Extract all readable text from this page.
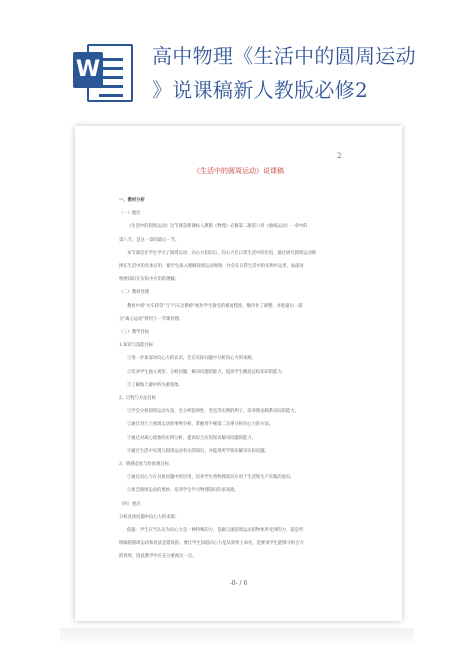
W
高中物理《生活中的圆周运动
》说课稿新人教版必修2
2
《生活中的圆周运动》说课稿
一、教材分析
（一）地位
《生活中的圆周运动》这节课是新课标人教版《物理》必修第二册第六章《曲线运动》一章中的
第八节，是这一章的最后一节。
本节课是在学生学习了圆周运动、向心力知识后，向心力在日常生活中的应用，通过研究圆周运动规
律在生活中的具体应用，使学生深入理解圆周运动规律，并会在日常生活中的实例中运用，加深对
物理知识在实际中应用的理解。
（二）教材处理
教材中将"火车转弯"与"汽车过拱桥"视作学生接受的难易程度，顺序作了调整，并把最后一部
分"离心运动"我用下一节课处理。
（三）教学目标
1.知识与技能目标
①进一步加深对向心力的认识，会在实际问题中分析向心力的来源。
②培养学生独立观察、分析问题、解决问题的能力，提高学生概括总结知识的能力。
③了解航天器中的失重现象。
2、过程与方法目标
①学会分析圆周运动方法，会分析临界性，竖直等实例的例子，培养理论联系实际的能力。
②通过对几个圆周运动的事例分析，掌握用牛顿第二定律分析向心力的方法。
③通过对离心现象的实例分析，提高综合应用知识解决问题的能力。
④通过生活中实现与圆周运动有关的知识，并能用所学知识解决实际问题。
3、情感态度与价值观目标
①通过向心力在具体问题中的应用，培养学生将物理知识应用于生活和生产实践的意识。
②体会圆周运动的奥妙，培养学生学习物理知识的求知欲。
（四）重点
分析具体问题中向心力的来源。
依据：学生应当认识为向心力是一种特殊的力，是做匀速圆周运动的物体所受到的力，就是所
明确的圆周运动和看法是错误的。要让学生知道向心力是从效果上命名，是要求学生能够分析合力
的效果，因此教学中应充分重视这一点。
-0- / 6
